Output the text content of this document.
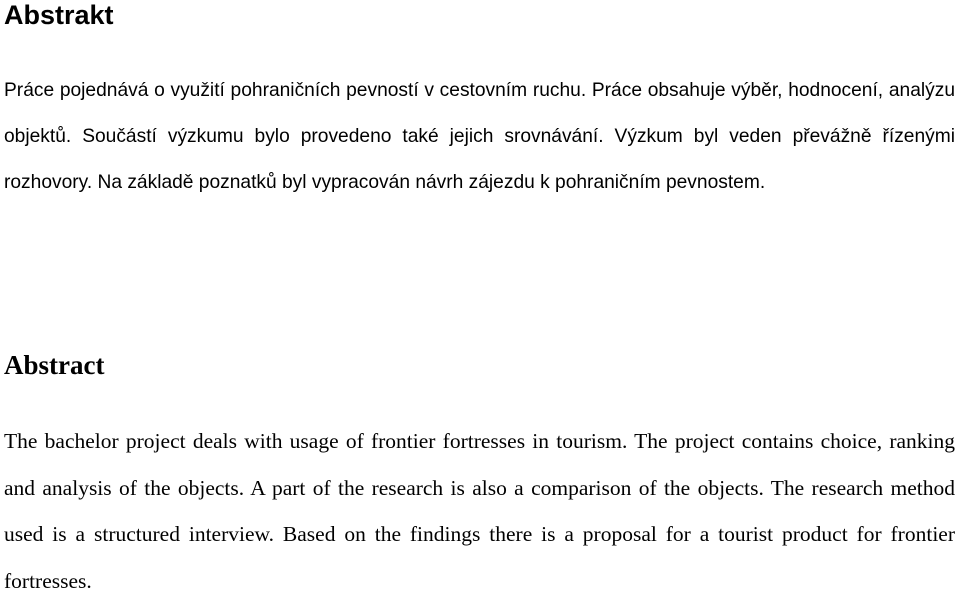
Abstrakt

Práce pojednává o využití pohraničních pevností v cestovním ruchu. Práce obsahuje výběr, hodnocení, analýzu objektů. Součástí výzkumu bylo provedeno také jejich srovnávání. Výzkum byl veden převážně řízenými rozhovory. Na základě poznatků byl vypracován návrh zájezdu k pohraničním pevnostem.

Abstract

The bachelor project deals with usage of frontier fortresses in tourism. The project contains choice, ranking and analysis of the objects. A part of the research is also a comparison of the objects. The research method used is a structured interview. Based on the findings there is a proposal for a tourist product for frontier fortresses.
